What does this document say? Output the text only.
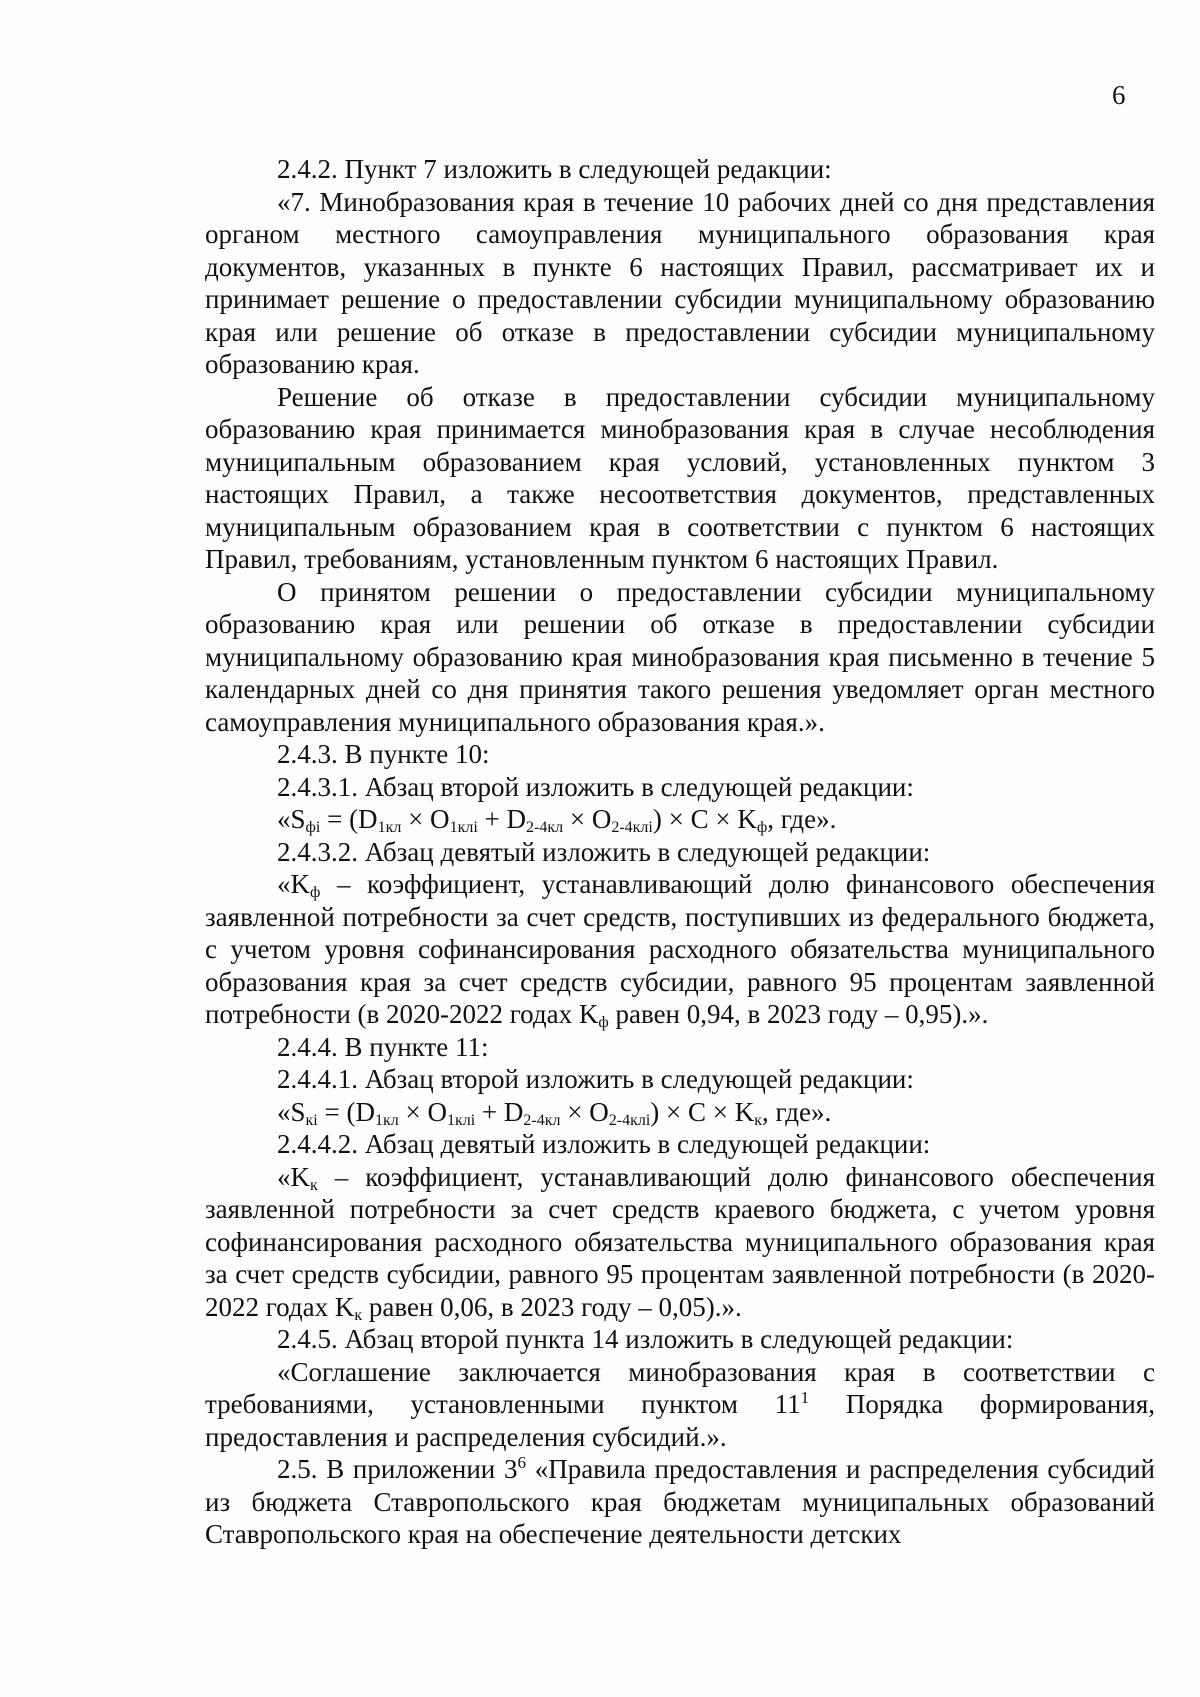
6

2.4.2. Пункт 7 изложить в следующей редакции:

«7. Минобразования края в течение 10 рабочих дней со дня представления органом местного самоуправления муниципального образования края документов, указанных в пункте 6 настоящих Правил, рассматривает их и принимает решение о предоставлении субсидии муниципальному образованию края или решение об отказе в предоставлении субсидии муниципальному образованию края.

Решение об отказе в предоставлении субсидии муниципальному образованию края принимается минобразования края в случае несоблюдения муниципальным образованием края условий, установленных пунктом 3 настоящих Правил, а также несоответствия документов, представленных муниципальным образованием края в соответствии с пунктом 6 настоящих Правил, требованиям, установленным пунктом 6 настоящих Правил.

О принятом решении о предоставлении субсидии муниципальному образованию края или решении об отказе в предоставлении субсидии муниципальному образованию края минобразования края письменно в течение 5 календарных дней со дня принятия такого решения уведомляет орган местного самоуправления муниципального образования края.».

2.4.3. В пункте 10:

2.4.3.1. Абзац второй изложить в следующей редакции:

«$S_{фi} = (D_{1кл} \times O_{1клi} + D_{2-4кл} \times O_{2-4клi}) \times C \times K_ф$, где».

2.4.3.2. Абзац девятый изложить в следующей редакции:

«$K_ф$ – коэффициент, устанавливающий долю финансового обеспечения заявленной потребности за счет средств, поступивших из федерального бюджета, с учетом уровня софинансирования расходного обязательства муниципального образования края за счет средств субсидии, равного 95 процентам заявленной потребности (в 2020-2022 годах $K_ф$ равен 0,94, в 2023 году – 0,95).».

2.4.4. В пункте 11:

2.4.4.1. Абзац второй изложить в следующей редакции:

«$S_{кi} = (D_{1кл} \times O_{1клi} + D_{2-4кл} \times O_{2-4клi}) \times C \times K_к$, где».

2.4.4.2. Абзац девятый изложить в следующей редакции:

«$K_к$ – коэффициент, устанавливающий долю финансового обеспечения заявленной потребности за счет средств краевого бюджета, с учетом уровня софинансирования расходного обязательства муниципального образования края за счет средств субсидии, равного 95 процентам заявленной потребности (в 2020-2022 годах $K_к$ равен 0,06, в 2023 году – 0,05).».

2.4.5. Абзац второй пункта 14 изложить в следующей редакции:

«Соглашение заключается минобразования края в соответствии с требованиями, установленными пунктом $11^1$ Порядка формирования, предоставления и распределения субсидий.».

2.5. В приложении $3^6$ «Правила предоставления и распределения субсидий из бюджета Ставропольского края бюджетам муниципальных образований Ставропольского края на обеспечение деятельности детских
